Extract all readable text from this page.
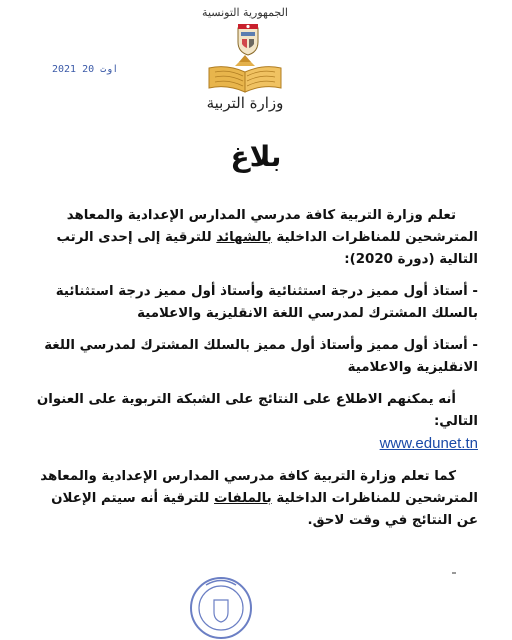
الجمهورية التونسية
2021 اوت 20
وزارة التربية
بلاغ

تعلم وزارة التربية كافة مدرسي المدارس الإعدادية والمعاهد المترشحين للمناظرات الداخلية بالشهائد للترقية إلى إحدى الرتب التالية (دورة 2020):

- أستاذ أول مميز درجة استثنائية وأستاذ أول مميز درجة استثنائية بالسلك المشترك لمدرسي اللغة الانقليزية والاعلامية

- أستاذ أول مميز وأستاذ أول مميز بالسلك المشترك لمدرسي اللغة الانقليزية والاعلامية

أنه يمكنهم الاطلاع على النتائج على الشبكة التربوية على العنوان التالي:
www.edunet.tn

كما تعلم وزارة التربية كافة مدرسي المدارس الإعدادية والمعاهد المترشحين للمناظرات الداخلية بالملفات للترقية أنه سيتم الإعلان عن النتائج في وقت لاحق.
